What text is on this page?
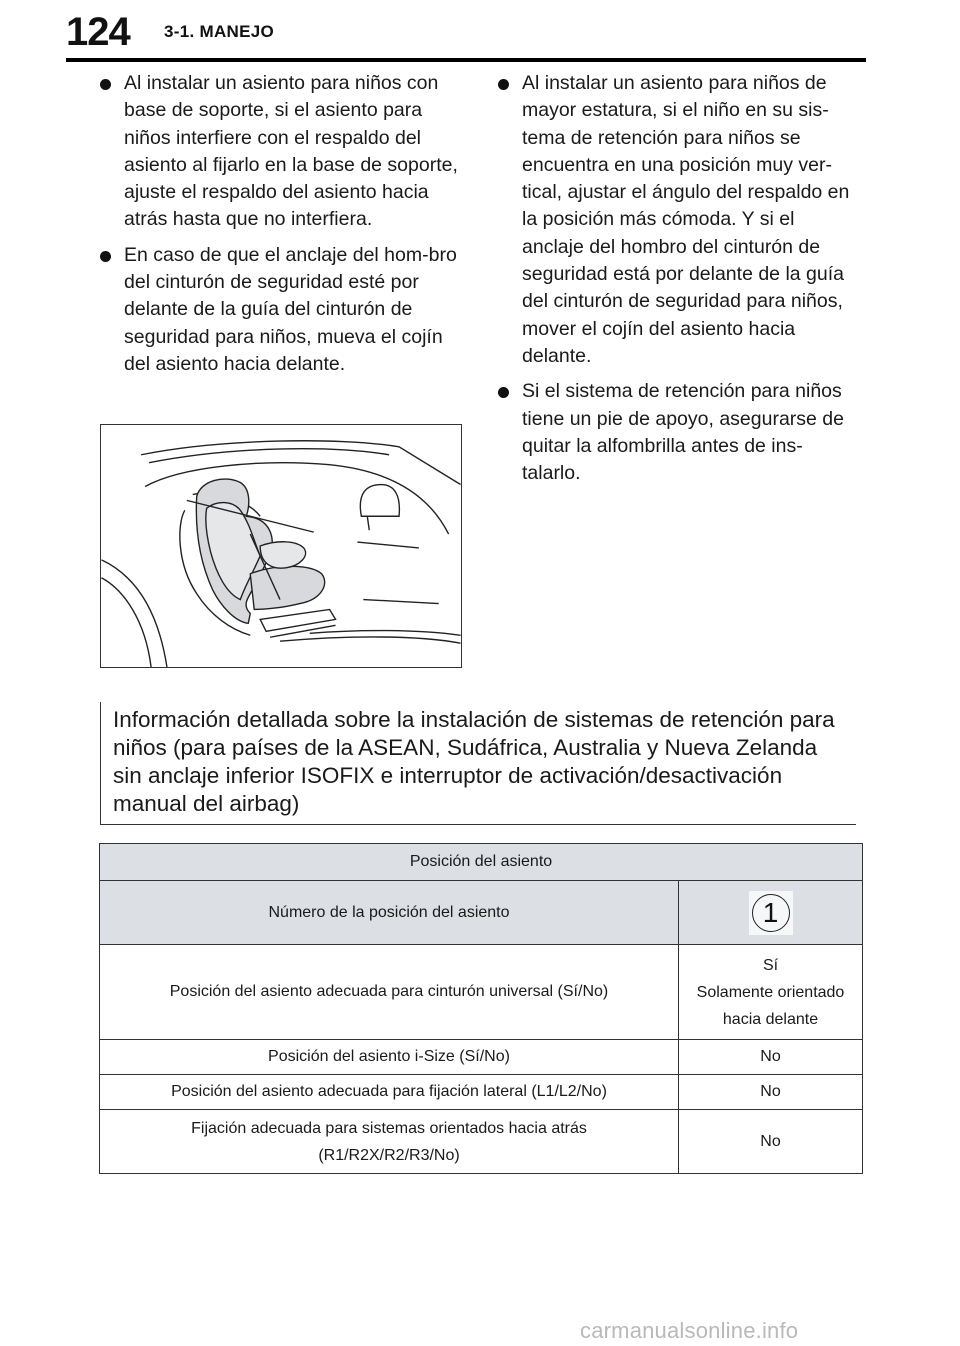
124 3-1. MANEJO
Al instalar un asiento para niños con base de soporte, si el asiento para niños interfiere con el respaldo del asiento al fijarlo en la base de soporte, ajuste el respaldo del asiento hacia atrás hasta que no interfiera.
En caso de que el anclaje del hom-bro del cinturón de seguridad esté por delante de la guía del cinturón de seguridad para niños, mueva el cojín del asiento hacia delante.
Al instalar un asiento para niños de mayor estatura, si el niño en su sis-tema de retención para niños se encuentra en una posición muy ver-tical, ajustar el ángulo del respaldo en la posición más cómoda. Y si el anclaje del hombro del cinturón de seguridad está por delante de la guía del cinturón de seguridad para niños, mover el cojín del asiento hacia delante.
Si el sistema de retención para niños tiene un pie de apoyo, asegurarse de quitar la alfombrilla antes de ins-talarlo.
Información detallada sobre la instalación de sistemas de retención para niños (para países de la ASEAN, Sudáfrica, Australia y Nueva Zelanda sin anclaje inferior ISOFIX e interruptor de activación/desactivación manual del airbag)
Posición del asiento	
Número de la posición del asiento	1

Posición del asiento adecuada para cinturón universal (Sí/No)	Sí
Solamente orientado
hacia delante

Posición del asiento i-Size (Sí/No)	No
Posición del asiento adecuada para fijación lateral (L1/L2/No)	No

Fijación adecuada para sistemas orientados hacia atrás
(R1/R2X/R2/R3/No)	No
carmanualsonline.info
